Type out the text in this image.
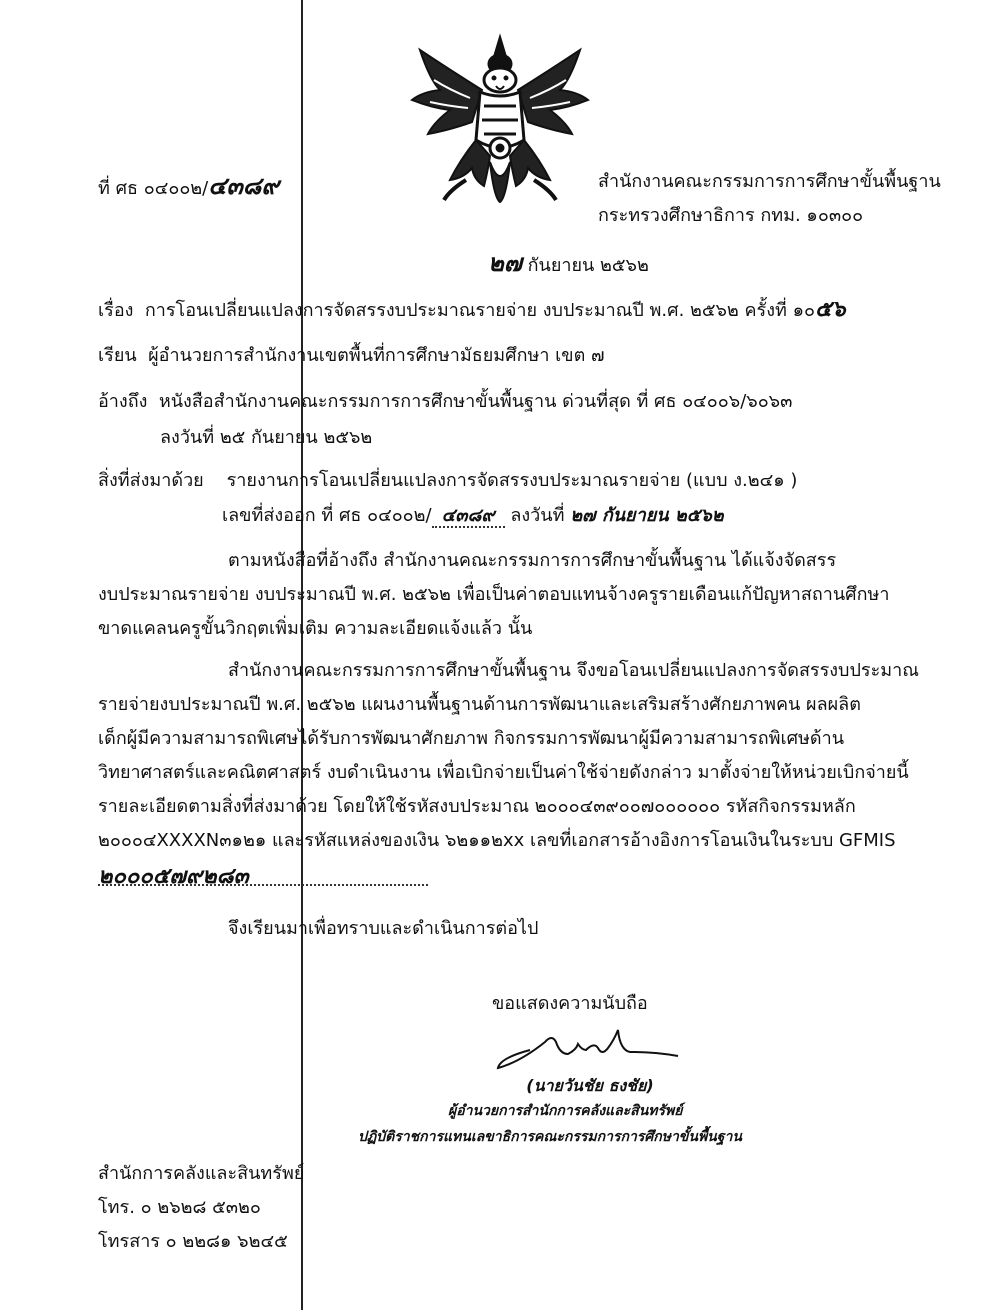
ที่ ศธ ๐๔๐๐๒/๔๓๘๙	สำนักงานคณะกรรมการการศึกษาขั้นพื้นฐาน
กระทรวงศึกษาธิการ กทม. ๑๐๓๐๐
๒๗ กันยายน ๒๕๖๒
เรื่อง การโอนเปลี่ยนแปลงการจัดสรรงบประมาณรายจ่าย งบประมาณปี พ.ศ. ๒๕๖๒ ครั้งที่ ๑๐๕๖
เรียน ผู้อำนวยการสำนักงานเขตพื้นที่การศึกษามัธยมศึกษา เขต ๗
อ้างถึง หนังสือสำนักงานคณะกรรมการการศึกษาขั้นพื้นฐาน ด่วนที่สุด ที่ ศธ ๐๔๐๐๖/๖๐๖๓
ลงวันที่ ๒๕ กันยายน ๒๕๖๒
สิ่งที่ส่งมาด้วย รายงานการโอนเปลี่ยนแปลงการจัดสรรงบประมาณรายจ่าย (แบบ ง.๒๔๑ )
เลขที่ส่งออก ที่ ศธ ๐๔๐๐๒/ ๔๓๘๙ ลงวันที่ ๒๗ กันยายน ๒๕๖๒
ตามหนังสือที่อ้างถึง สำนักงานคณะกรรมการการศึกษาขั้นพื้นฐาน ได้แจ้งจัดสรร
งบประมาณรายจ่าย งบประมาณปี พ.ศ. ๒๕๖๒ เพื่อเป็นค่าตอบแทนจ้างครูรายเดือนแก้ปัญหาสถานศึกษา
ขาดแคลนครูขั้นวิกฤตเพิ่มเติม ความละเอียดแจ้งแล้ว นั้น
สำนักงานคณะกรรมการการศึกษาขั้นพื้นฐาน จึงขอโอนเปลี่ยนแปลงการจัดสรรงบประมาณ
รายจ่ายงบประมาณปี พ.ศ. ๒๕๖๒ แผนงานพื้นฐานด้านการพัฒนาและเสริมสร้างศักยภาพคน ผลผลิต
เด็กผู้มีความสามารถพิเศษได้รับการพัฒนาศักยภาพ กิจกรรมการพัฒนาผู้มีความสามารถพิเศษด้าน
วิทยาศาสตร์และคณิตศาสตร์ งบดำเนินงาน เพื่อเบิกจ่ายเป็นค่าใช้จ่ายดังกล่าว มาตั้งจ่ายให้หน่วยเบิกจ่ายนี้
รายละเอียดตามสิ่งที่ส่งมาด้วย โดยให้ใช้รหัสงบประมาณ ๒๐๐๐๔๓๙๐๐๗๐๐๐๐๐๐ รหัสกิจกรรมหลัก
๒๐๐๐๔XXXXN๓๑๒๑ และรหัสแหล่งของเงิน ๖๒๑๑๒xx เลขที่เอกสารอ้างอิงการโอนเงินในระบบ GFMIS
๒๐๐๐๕๗๙๒๘๓
จึงเรียนมาเพื่อทราบและดำเนินการต่อไป
ขอแสดงความนับถือ
(นายวันชัย ธงชัย)
ผู้อำนวยการสำนักการคลังและสินทรัพย์
ปฏิบัติราชการแทนเลขาธิการคณะกรรมการการศึกษาขั้นพื้นฐาน
สำนักการคลังและสินทรัพย์
โทร. ๐ ๒๖๒๘ ๕๓๒๐
โทรสาร ๐ ๒๒๘๑ ๖๒๔๕
